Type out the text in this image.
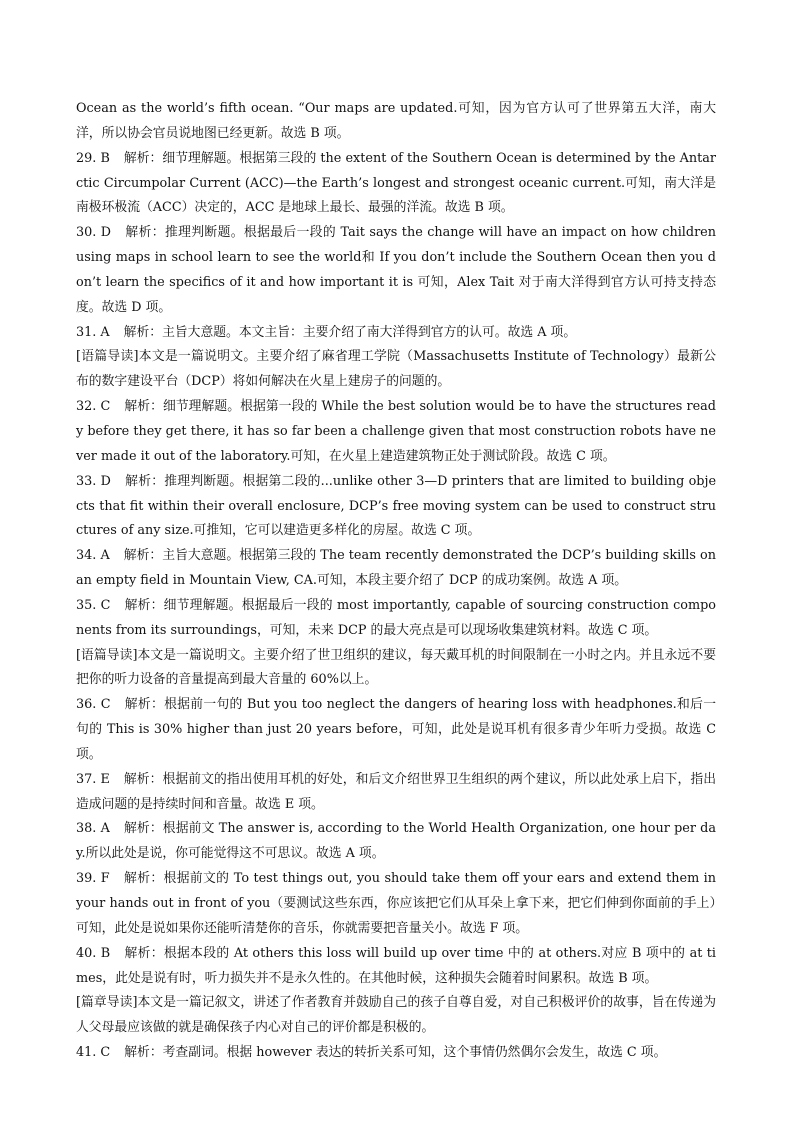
Ocean as the world’s fifth ocean. “Our maps are updated.可知，因为官方认可了世界第五大洋，南大洋，所以协会官员说地图已经更新。故选 B 项。

29. B 解析：细节理解题。根据第三段的 the extent of the Southern Ocean is determined by the Antarctic Circumpolar Current (ACC)—the Earth’s longest and strongest oceanic current.可知，南大洋是南极环极流（ACC）决定的，ACC 是地球上最长、最强的洋流。故选 B 项。

30. D 解析：推理判断题。根据最后一段的 Tait says the change will have an impact on how children using maps in school learn to see the world和 If you don’t include the Southern Ocean then you don’t learn the specifics of it and how important it is 可知，Alex Tait 对于南大洋得到官方认可持支持态度。故选 D 项。

31. A 解析：主旨大意题。本文主旨：主要介绍了南大洋得到官方的认可。故选 A 项。

[语篇导读]本文是一篇说明文。主要介绍了麻省理工学院（Massachusetts Institute of Technology）最新公布的数字建设平台（DCP）将如何解决在火星上建房子的问题的。

32. C 解析：细节理解题。根据第一段的 While the best solution would be to have the structures ready before they get there, it has so far been a challenge given that most construction robots have never made it out of the laboratory.可知，在火星上建造建筑物正处于测试阶段。故选 C 项。

33. D 解析：推理判断题。根据第二段的...unlike other 3—D printers that are limited to building objects that fit within their overall enclosure, DCP’s free moving system can be used to construct structures of any size.可推知，它可以建造更多样化的房屋。故选 C 项。

34. A 解析：主旨大意题。根据第三段的 The team recently demonstrated the DCP’s building skills on an empty field in Mountain View, CA.可知，本段主要介绍了 DCP 的成功案例。故选 A 项。

35. C 解析：细节理解题。根据最后一段的 most importantly, capable of sourcing construction components from its surroundings，可知，未来 DCP 的最大亮点是可以现场收集建筑材料。故选 C 项。

[语篇导读]本文是一篇说明文。主要介绍了世卫组织的建议，每天戴耳机的时间限制在一小时之内。并且永远不要把你的听力设备的音量提高到最大音量的 60%以上。

36. C 解析：根据前一句的 But you too neglect the dangers of hearing loss with headphones.和后一句的 This is 30% higher than just 20 years before，可知，此处是说耳机有很多青少年听力受损。故选 C 项。

37. E 解析：根据前文的指出使用耳机的好处，和后文介绍世界卫生组织的两个建议，所以此处承上启下，指出造成问题的是持续时间和音量。故选 E 项。

38. A 解析：根据前文 The answer is, according to the World Health Organization, one hour per day.所以此处是说，你可能觉得这不可思议。故选 A 项。

39. F 解析：根据前文的 To test things out, you should take them off your ears and extend them in your hands out in front of you（要测试这些东西，你应该把它们从耳朵上拿下来，把它们伸到你面前的手上）可知，此处是说如果你还能听清楚你的音乐，你就需要把音量关小。故选 F 项。

40. B 解析：根据本段的 At others this loss will build up over time 中的 at others.对应 B 项中的 at times，此处是说有时，听力损失并不是永久性的。在其他时候，这种损失会随着时间累积。故选 B 项。

[篇章导读]本文是一篇记叙文，讲述了作者教育并鼓励自己的孩子自尊自爱，对自己积极评价的故事，旨在传递为人父母最应该做的就是确保孩子内心对自己的评价都是积极的。

41. C 解析：考查副词。根据 however 表达的转折关系可知，这个事情仍然偶尔会发生，故选 C 项。
